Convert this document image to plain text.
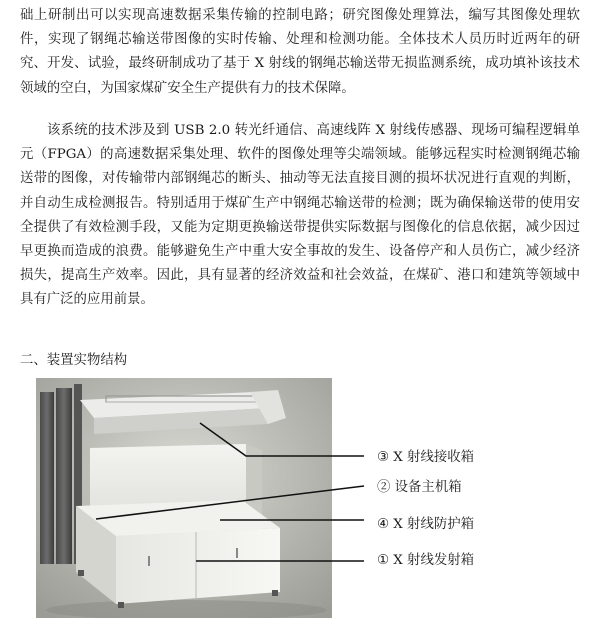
础上研制出可以实现高速数据采集传输的控制电路；研究图像处理算法，编写其图像处理软件，实现了钢绳芯输送带图像的实时传输、处理和检测功能。全体技术人员历时近两年的研究、开发、试验，最终研制成功了基于 X 射线的钢绳芯输送带无损监测系统，成功填补该技术领域的空白，为国家煤矿安全生产提供有力的技术保障。

该系统的技术涉及到 USB 2.0 转光纤通信、高速线阵 X 射线传感器、现场可编程逻辑单元（FPGA）的高速数据采集处理、软件的图像处理等尖端领域。能够远程实时检测钢绳芯输送带的图像，对传输带内部钢绳芯的断头、抽动等无法直接目测的损坏状况进行直观的判断，并自动生成检测报告。特别适用于煤矿生产中钢绳芯输送带的检测；既为确保输送带的使用安全提供了有效检测手段，又能为定期更换输送带提供实际数据与图像化的信息依据，减少因过早更换而造成的浪费。能够避免生产中重大安全事故的发生、设备停产和人员伤亡，减少经济损失，提高生产效率。因此，具有显著的经济效益和社会效益，在煤矿、港口和建筑等领域中具有广泛的应用前景。

二、装置实物结构

③ X 射线接收箱
② 设备主机箱
④ X 射线防护箱
① X 射线发射箱
